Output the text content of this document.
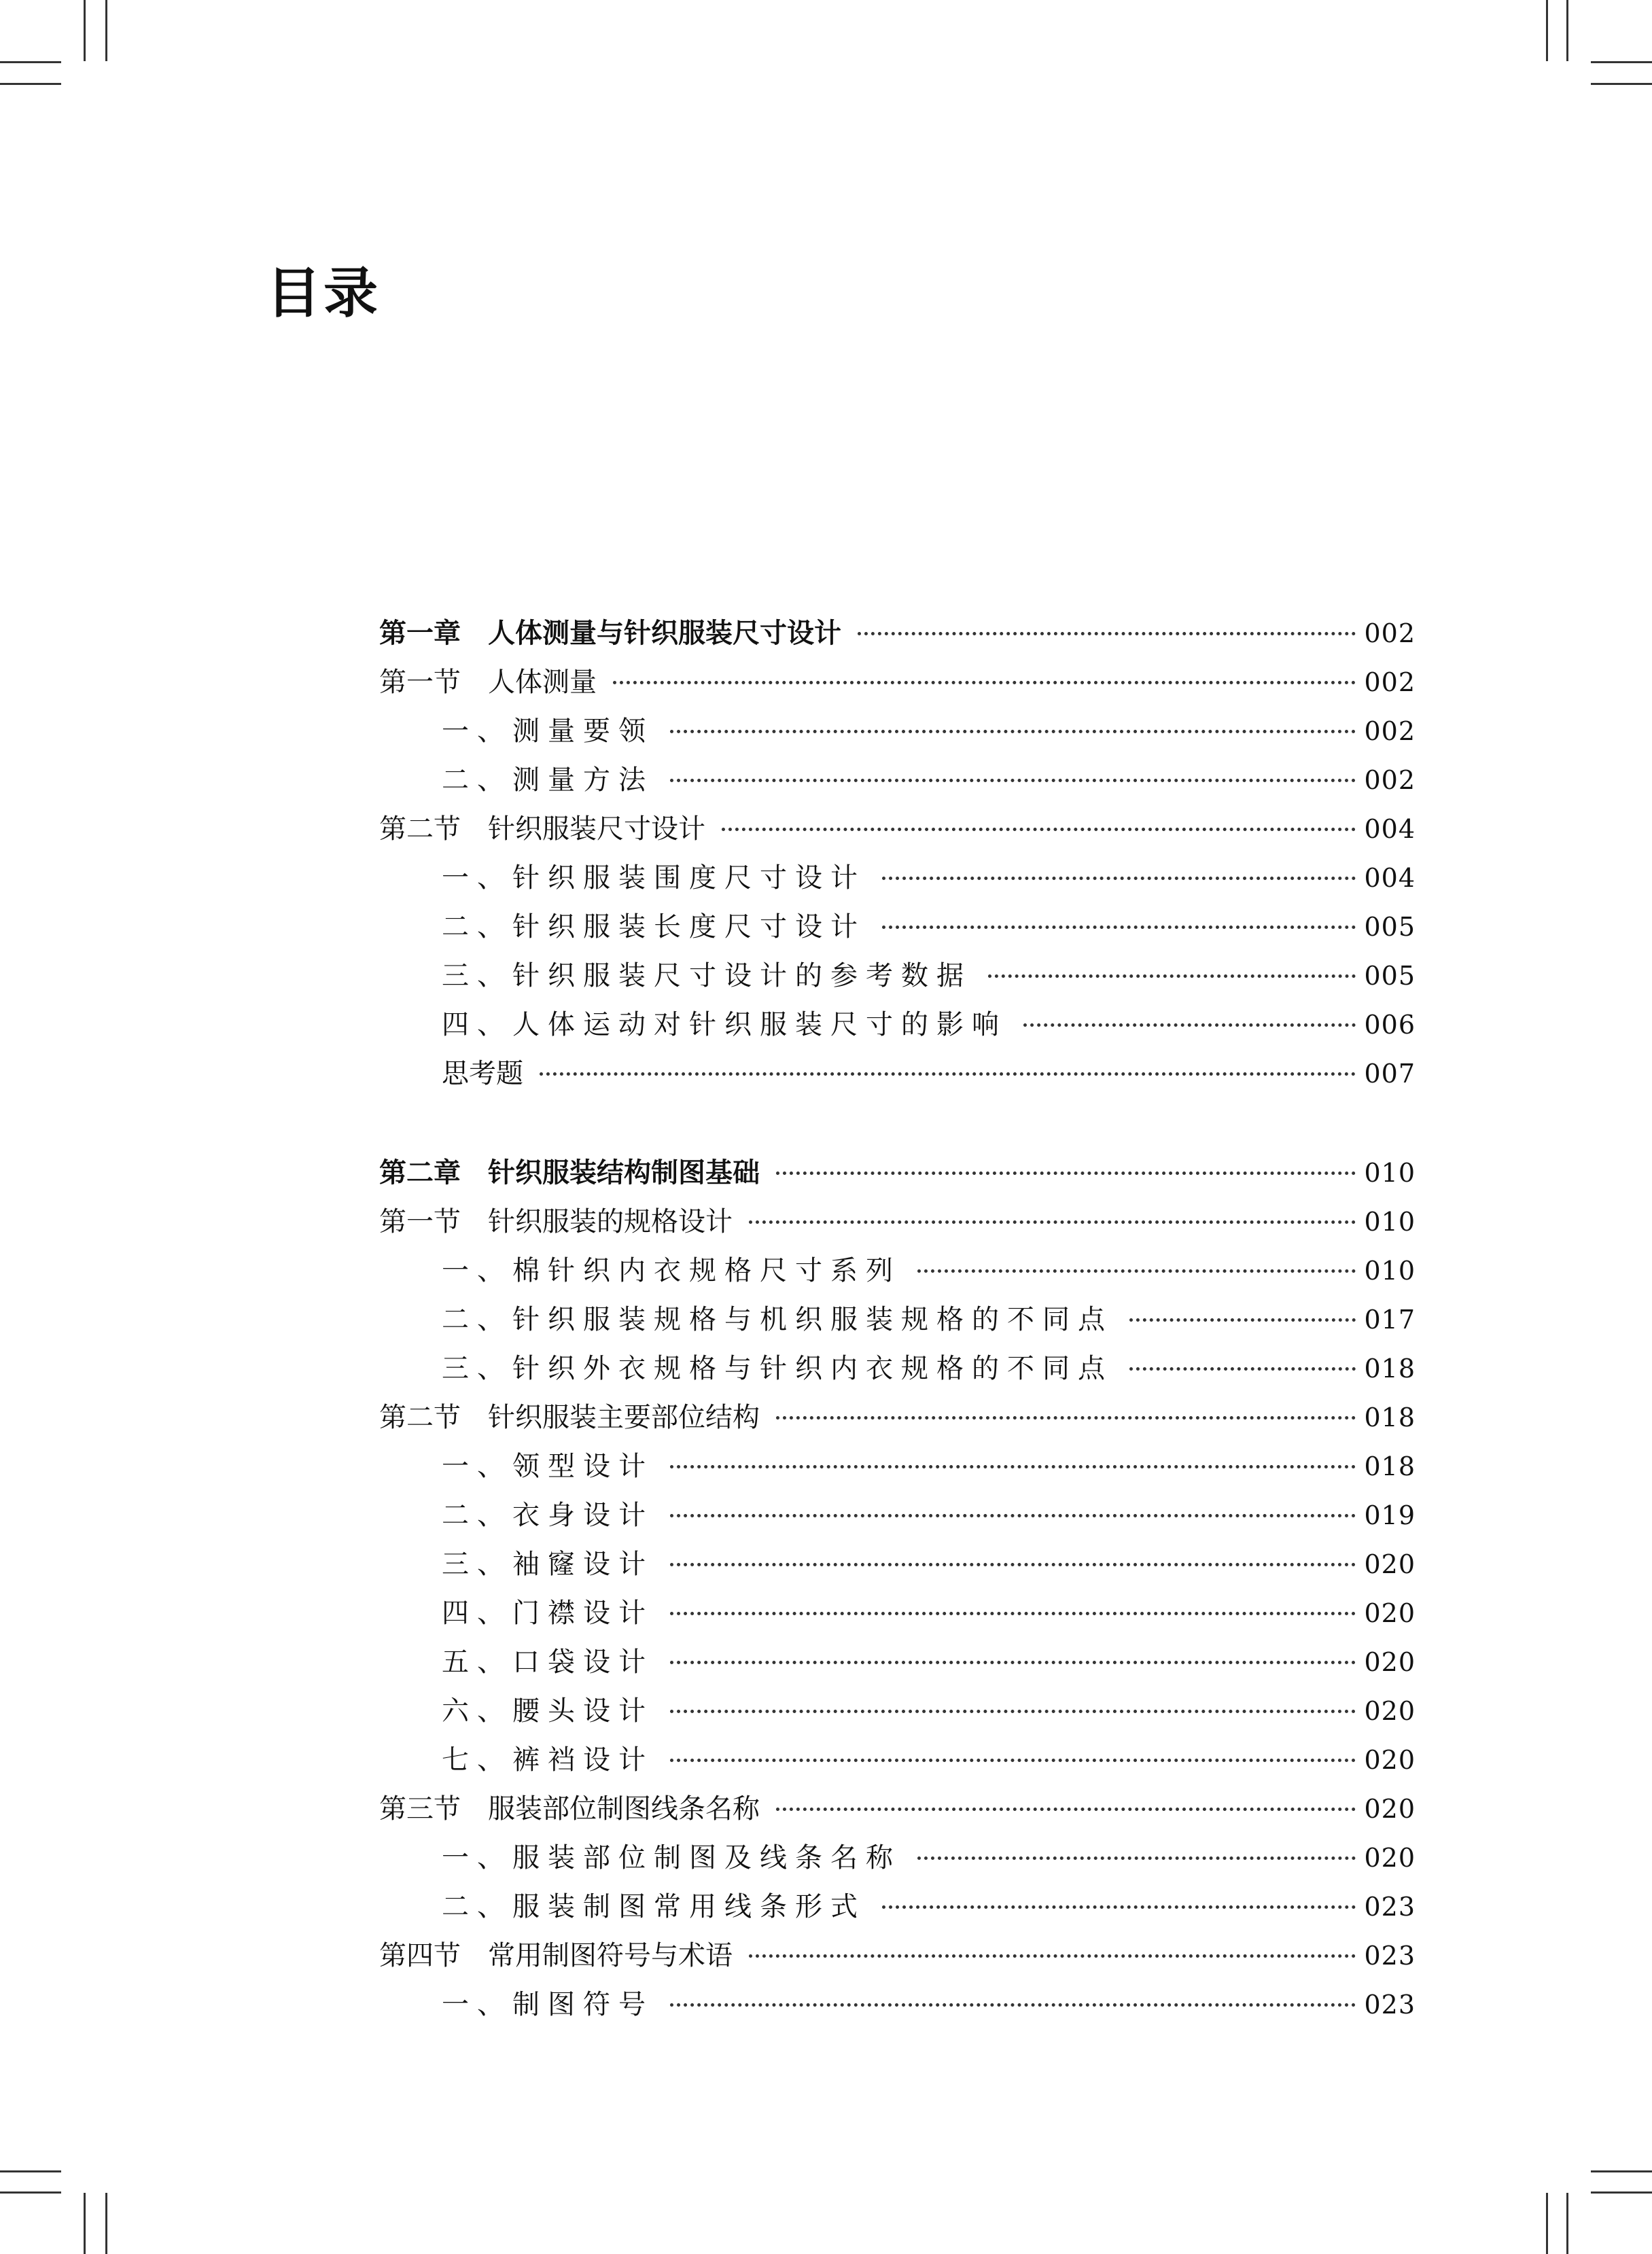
目录
第一章 人体测量与针织服装尺寸设计	002
第一节 人体测量	002
一、测量要领	002
二、测量方法	002
第二节 针织服装尺寸设计	004
一、针织服装围度尺寸设计	004
二、针织服装长度尺寸设计	005
三、针织服装尺寸设计的参考数据	005
四、人体运动对针织服装尺寸的影响	006
思考题	007
第二章 针织服装结构制图基础	010
第一节 针织服装的规格设计	010
一、棉针织内衣规格尺寸系列	010
二、针织服装规格与机织服装规格的不同点	017
三、针织外衣规格与针织内衣规格的不同点	018
第二节 针织服装主要部位结构	018
一、领型设计	018
二、衣身设计	019
三、袖窿设计	020
四、门襟设计	020
五、口袋设计	020
六、腰头设计	020
七、裤裆设计	020
第三节 服装部位制图线条名称	020
一、服装部位制图及线条名称	020
二、服装制图常用线条形式	023
第四节 常用制图符号与术语	023
一、制图符号	023
